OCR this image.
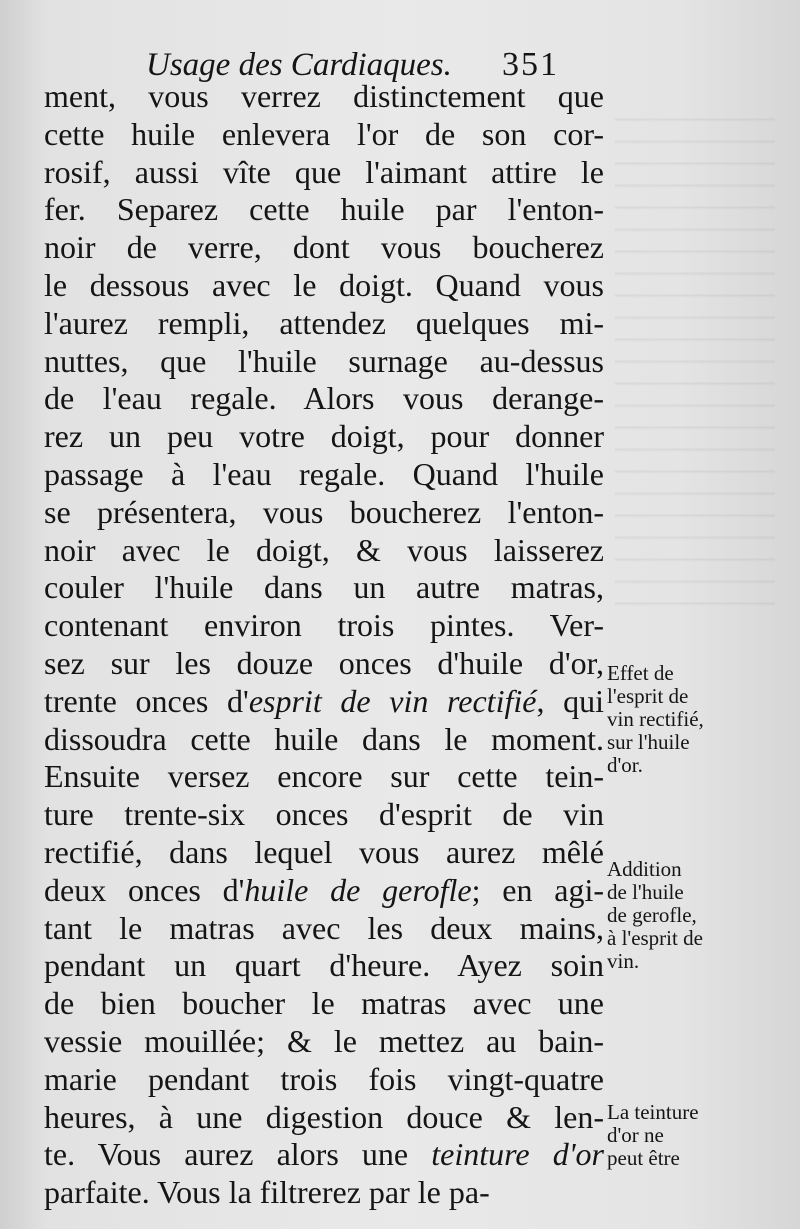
Usage des Cardiaques. 351
ment, vous verrez distinctement que
cette huile enlevera l'or de son cor-
rosif, aussi vîte que l'aimant attire le
fer. Separez cette huile par l'enton-
noir de verre, dont vous boucherez
le dessous avec le doigt. Quand vous
l'aurez rempli, attendez quelques mi-
nuttes, que l'huile surnage au-dessus
de l'eau regale. Alors vous derange-
rez un peu votre doigt, pour donner
passage à l'eau regale. Quand l'huile
se présentera, vous boucherez l'enton-
noir avec le doigt, & vous laisserez
couler l'huile dans un autre matras,
contenant environ trois pintes. Ver-
sez sur les douze onces d'huile d'or,
trente onces d'esprit de vin rectifié, qui
dissoudra cette huile dans le moment.
Ensuite versez encore sur cette tein-
ture trente-six onces d'esprit de vin
rectifié, dans lequel vous aurez mêlé
deux onces d'huile de gerofle; en agi-
tant le matras avec les deux mains,
pendant un quart d'heure. Ayez soin
de bien boucher le matras avec une
vessie mouillée; & le mettez au bain-
marie pendant trois fois vingt-quatre
heures, à une digestion douce & len-
te. Vous aurez alors une teinture d'or
parfaite. Vous la filtrerez par le pa-
Effet de
l'esprit de
vin rectifié,
sur l'huile
d'or.
Addition
de l'huile
de gerofle,
à l'esprit de
vin.
La teinture
d'or ne
peut être
